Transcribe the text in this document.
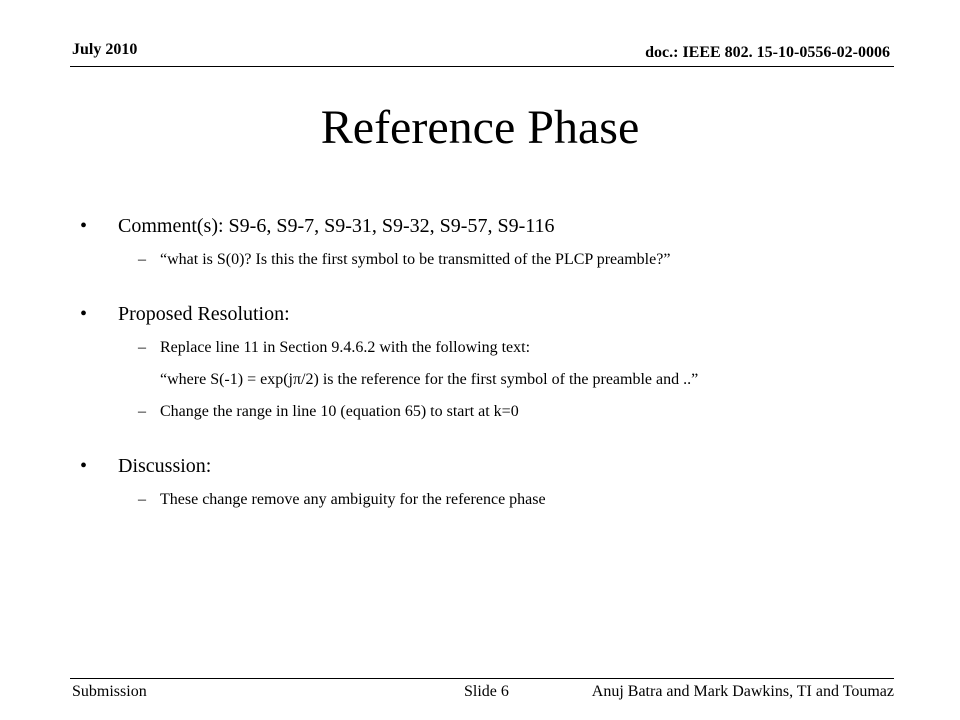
July 2010	doc.: IEEE 802. 15-10-0556-02-0006
Reference Phase
• Comment(s): S9-6, S9-7, S9-31, S9-32, S9-57, S9-116
– “what is S(0)? Is this the first symbol to be transmitted of the PLCP preamble?”
• Proposed Resolution:
– Replace line 11 in Section 9.4.6.2 with the following text:
“where S(-1) = exp(jπ/2) is the reference for the first symbol of the preamble and ..”
– Change the range in line 10 (equation 65) to start at k=0
• Discussion:
– These change remove any ambiguity for the reference phase
Submission	Slide 6	Anuj Batra and Mark Dawkins, TI and Toumaz
